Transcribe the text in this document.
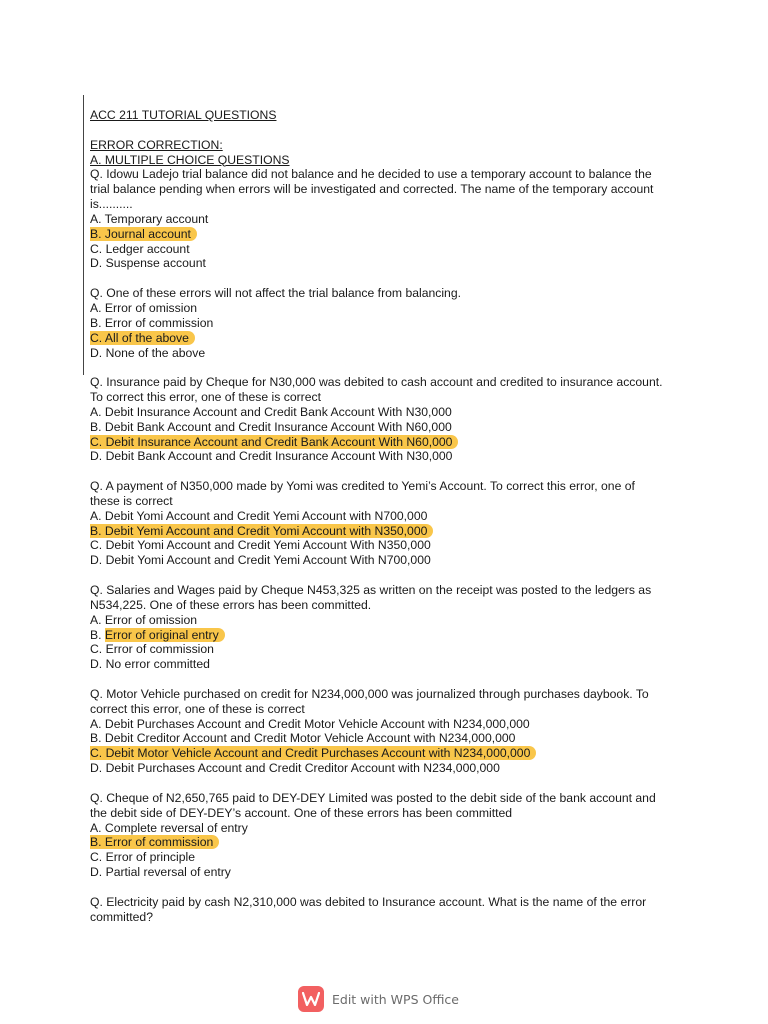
ACC 211 TUTORIAL QUESTIONS
ERROR CORRECTION:
A. MULTIPLE CHOICE QUESTIONS
Q. Idowu Ladejo trial balance did not balance and he decided to use a temporary account to balance the
trial balance pending when errors will be investigated and corrected. The name of the temporary account
is..........
A. Temporary account
B. Journal account
C. Ledger account
D. Suspense account
Q. One of these errors will not affect the trial balance from balancing.
A. Error of omission
B. Error of commission
C. All of the above
D. None of the above
Q. Insurance paid by Cheque for N30,000 was debited to cash account and credited to insurance account.
To correct this error, one of these is correct
A. Debit Insurance Account and Credit Bank Account With N30,000
B. Debit Bank Account and Credit Insurance Account With N60,000
C. Debit Insurance Account and Credit Bank Account With N60,000
D. Debit Bank Account and Credit Insurance Account With N30,000
Q. A payment of N350,000 made by Yomi was credited to Yemi’s Account. To correct this error, one of
these is correct
A. Debit Yomi Account and Credit Yemi Account with N700,000
B. Debit Yemi Account and Credit Yomi Account with N350,000
C. Debit Yomi Account and Credit Yemi Account With N350,000
D. Debit Yomi Account and Credit Yemi Account With N700,000
Q. Salaries and Wages paid by Cheque N453,325 as written on the receipt was posted to the ledgers as
N534,225. One of these errors has been committed.
A. Error of omission
B. Error of original entry
C. Error of commission
D. No error committed
Q. Motor Vehicle purchased on credit for N234,000,000 was journalized through purchases daybook. To
correct this error, one of these is correct
A. Debit Purchases Account and Credit Motor Vehicle Account with N234,000,000
B. Debit Creditor Account and Credit Motor Vehicle Account with N234,000,000
C. Debit Motor Vehicle Account and Credit Purchases Account with N234,000,000
D. Debit Purchases Account and Credit Creditor Account with N234,000,000
Q. Cheque of N2,650,765 paid to DEY-DEY Limited was posted to the debit side of the bank account and
the debit side of DEY-DEY’s account. One of these errors has been committed
A. Complete reversal of entry
B. Error of commission
C. Error of principle
D. Partial reversal of entry
Q. Electricity paid by cash N2,310,000 was debited to Insurance account. What is the name of the error
committed?
Edit with WPS Office
